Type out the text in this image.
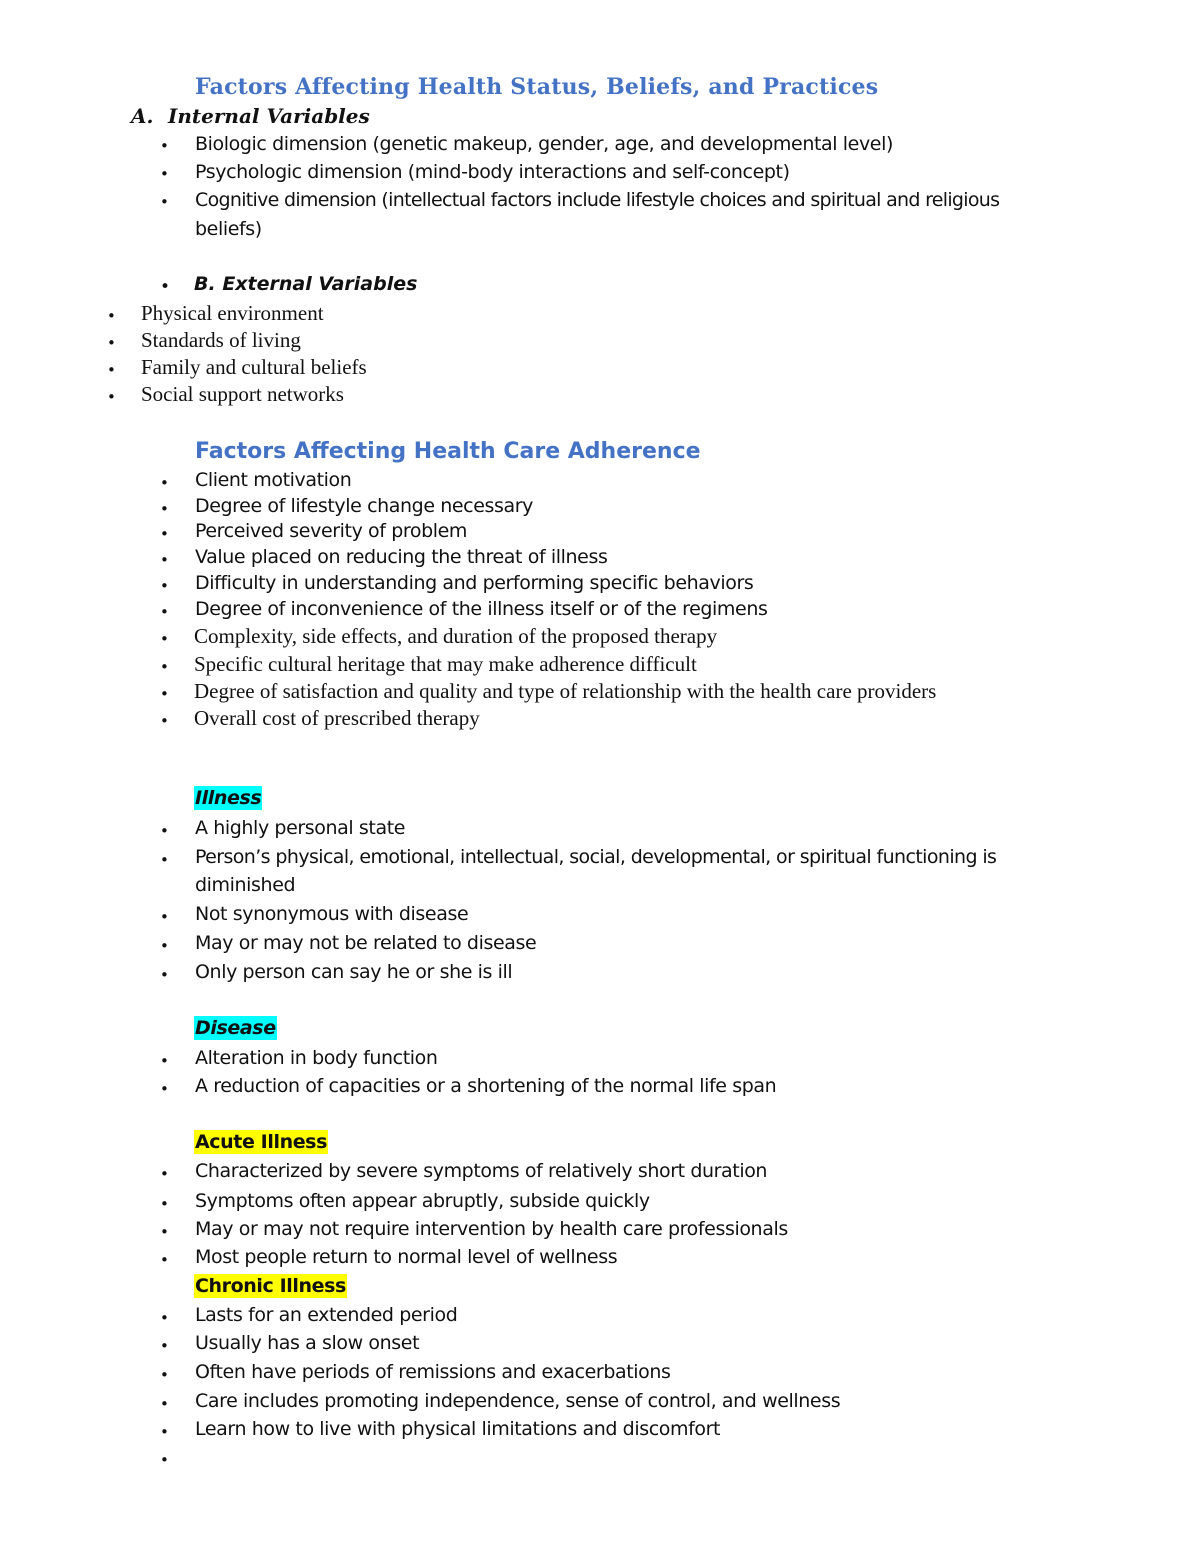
Factors Affecting Health Status, Beliefs, and Practices
A. Internal Variables
• Biologic dimension (genetic makeup, gender, age, and developmental level)
• Psychologic dimension (mind-body interactions and self-concept)
• Cognitive dimension (intellectual factors include lifestyle choices and spiritual and religious
beliefs)
• B. External Variables
• Physical environment
• Standards of living
• Family and cultural beliefs
• Social support networks
Factors Affecting Health Care Adherence
• Client motivation
• Degree of lifestyle change necessary
• Perceived severity of problem
• Value placed on reducing the threat of illness
• Difficulty in understanding and performing specific behaviors
• Degree of inconvenience of the illness itself or of the regimens
• Complexity, side effects, and duration of the proposed therapy
• Specific cultural heritage that may make adherence difficult
• Degree of satisfaction and quality and type of relationship with the health care providers
• Overall cost of prescribed therapy
Illness
• A highly personal state
• Person’s physical, emotional, intellectual, social, developmental, or spiritual functioning is
diminished
• Not synonymous with disease
• May or may not be related to disease
• Only person can say he or she is ill
Disease
• Alteration in body function
• A reduction of capacities or a shortening of the normal life span
Acute Illness
• Characterized by severe symptoms of relatively short duration
• Symptoms often appear abruptly, subside quickly
• May or may not require intervention by health care professionals
• Most people return to normal level of wellness
Chronic Illness
• Lasts for an extended period
• Usually has a slow onset
• Often have periods of remissions and exacerbations
• Care includes promoting independence, sense of control, and wellness
• Learn how to live with physical limitations and discomfort
•
